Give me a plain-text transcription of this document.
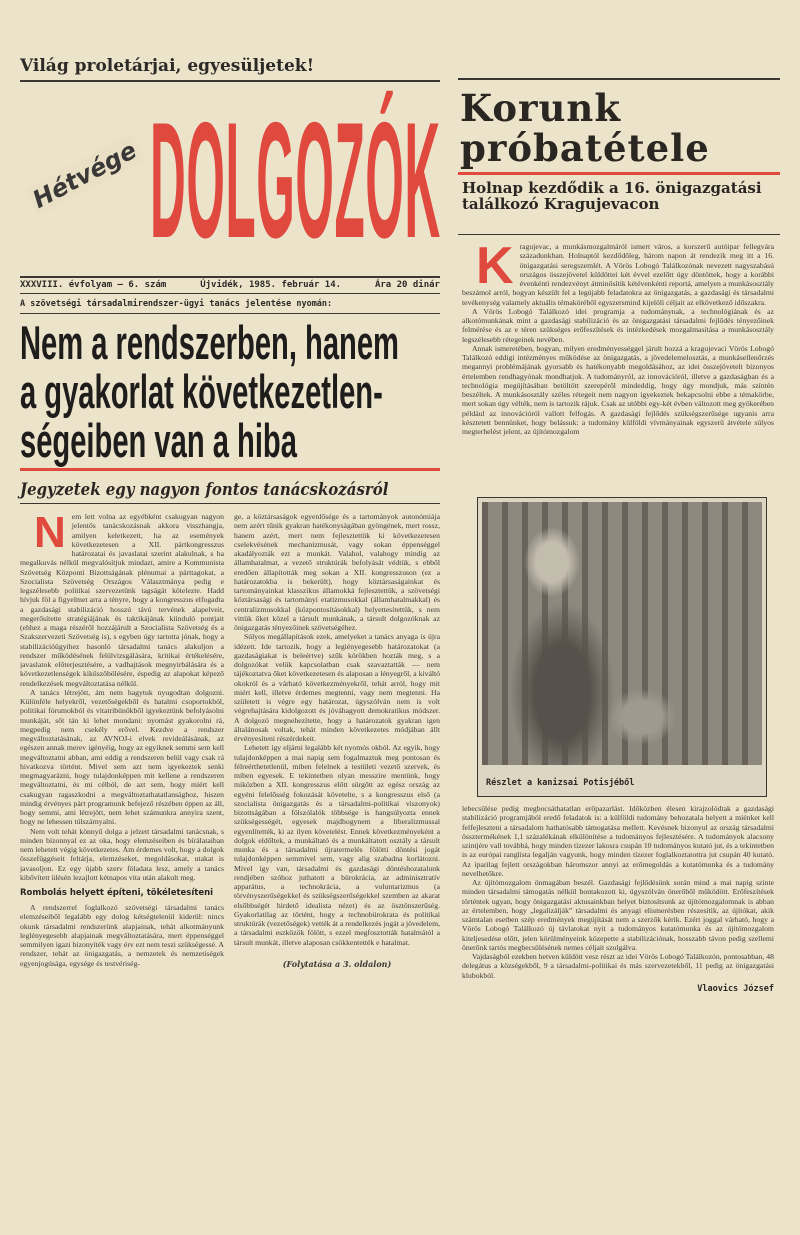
Világ proletárjai, egyesüljetek!
Hétvége DOLGOZÓK
XXXVIII. évfolyam — 6. szám	Újvidék, 1985. február 14.	Ára 20 dinár
A szövetségi társadalmirendszer-ügyi tanács jelentése nyomán:
Nem a rendszerben, hanem
a gyakorlat következetlen-
ségeiben van a hiba
Jegyzetek egy nagyon fontos tanácskozásról
N em lett volna az egyébként csakugyan nagyon jelentős tanácskozásnak akkora visszhangja, amilyen keletkezett, ha az események következetesen a XII. pártkongresszus határozatai és javaslatai szerint alakulnak, s ha megalkuvás nélkül megvalósítjuk mindazt, amire a Kommunista Szövetség Központi Bizottságának plénumai a párttagokat, a Szocialista Szövetség Országos Választmánya pedig e legszélesebb politikai szervezetünk tagságát kötelezte. Hadd hívjuk föl a figyelmet arra a tényre, hogy a kongresszus elfogadta a gazdasági stabilizáció hosszú távú tervének alapelveit, megerősítette stratégiájának és taktikájának kiinduló pontjait (ehhez a maga részéről hozzájárult a Szocialista Szövetség és a Szakszervezeti Szövetség is), s egyben úgy tartotta jónak, hogy a stabilizációügyihez hasonló társadalmi tanács alakuljon a rendszer működésének felülvizsgálására, kritikai értékelésére, javaslatok előterjesztésére, a vadhajtások megnyirbálására és a következetlenségek kiküszöbölésére, éspedig az alapokat képező rendelkezések megváltoztatása nélkül.

A tanács létrejött, ám nem hagytuk nyugodtan dolgozni. Különféle helyekről, vezetőségekből és hatalmi csoportokból, politikai fórumokból és vitatribünökből igyekeztünk befolyásolni munkáját, sőt tán ki lehet mondani: nyomást gyakorolni rá, megpedig nem csekély erővel. Kezdve a rendszer megváltoztatásának, az AVNOJ-i elvek revideálásának, az egészen annak merev igényéig, hogy az egyiknek semmi sem kell megváltoztatni abban, ami eddig a rendszeren belül vagy csak rá hivatkozva történt. Mivel sem azt nem igyekeztek senki megmagyarázni, hogy tulajdonképpen mit kellene a rendszeren megváltoztatni, és mi célból, de azt sem, hogy miért kell csakugyan ragaszkodni a megváltoztathatatlansághoz, hiszen mindig érvényes párt programunk befejező részében éppen az áll, hogy semmi, ami létrejött, nem lehet számunkra annyira szent, hogy ne lehessen túlszárnyalni.

Nem volt tehát könnyű dolga a jelzett társadalmi tanácsnak, s minden bizonnyal ez az oka, hogy elemzéseiben és bírálataiban nem lehetett végig következetes. Ám érdemes volt, hogy a dolgok összefüggéseit feltárja, elemzéseket, megoldásokat, utakat is javasoljon. Ez egy újabb szerv föladata lesz, amely a tanács kibővített ülésén lezajlott kétnapos vita után alakult meg.

Rombolás helyett építeni, tökéletesíteni

A rendszerrel foglalkozó szövetségi társadalmi tanács elemzéseiből legalább egy dolog kétségtelenül kiderül: nincs okunk társadalmi rendszerünk alapjainak, tehát alkotmányunk leglényegesebb alapjainak megváltoztatására, mert éppenséggel semmilyen igazi bizonyíték vagy érv ezt nem teszi szükségessé. A rendszer, tehát az önigazgatás, a nemzetek és nemzetiségek egyenjogúsága, egysége és testvériség-

ge, a köztársaságok egyenlősége és a tartományok autonómiája nem azért tűnik gyakran hatékonyságában gyöngének, mert rossz, hanem azért, mert nem fejlesztettük ki következetesen cselekvésének mechanizmusát, vagy sokan éppenséggel akadályozták ezt a munkát. Valahol, valahogy mindig az államhatalmat, a vezető struktúrák befolyását védtük, s ebből eredően állapították meg sokan a XII. kongresszuson (ez a határozatokba is bekerült), hogy köztársaságainkat és tartományainkat klasszikus államokká fejlesztettük, a szövetségi köztársasági és tartományi etatizmusokkal (államhatalmakkal) és centralizmusokkal (központosításokkal) helyettesítettük, s nem vittük őket közel a társult munkának, a társult dolgozóknak az önigazgatás tényezőinek szövetségéhez.

Súlyos megállapítások ezek, amelyeket a tanács anyaga is újra idézett. Ide tartozik, hogy a legiényegesebb határozatokat (a gazdaságiakat is beleértve) szűk körökben hozták meg, s a dolgozókat velük kapcsolatban csak szavaztatták — nem tájékoztatva őket következetesen és alaposan a lényegről, a kiváltó okokról és a várható következményekről, tehát arról, hogy mit miért kell, illetve érdemes megtenni, vagy nem megtenni. Ha született is végre egy határozat, úgyszólván nem is volt végrehajtására kidolgozott és jóváhagyott demokratikus módszer. A dolgozó megnehezítette, hogy a határozatok gyakran igen általánosak voltak, tehát minden következetes módjában állt érvényesíteni részérdekeit.

Lehetett így eljárni legalább két nyomós okból. Az egyik, hogy tulajdonképpen a mai napig sem fogalmaztuk meg pontosan és félreérthetetlenül, miben felelnek a testületi vezető szervek, és miben egyesek. E tekintetben olyan messzire mentünk, hogy miközben a XII. kongresszus előtt sürgőtt az egész ország az egyéni felelősség fokozását követelte, s a kongresszus első (a szocialista önigazgatás és a társadalmi-politikai viszonyok) bizottságában a fölszólalók többsége is hangsúlyozta ennek szükségességét, egyesek majdhogynem a liberalizmussal egyenlítették, ki az ilyen követelést. Ennek következményeként a dolgok eldőltek, a munkáltató és a munkáltatott osztály a társult munka és a társadalmi újratermelés fölötti döntési jogát tulajdonképpen semmivel sem, vagy alig szabadna korlátozni. Mivel így van, társadalmi és gazdasági döntéshozatalunk rendjében szóhoz juthatott a bürokrácia, az adminisztratív apparátus, a technokrácia, a voluntarizmus (a törvényszerűségekkel és szükségszerűségekkel szemben az akarat elsőbbségét hirdető idealista nézet) és az ösztönszerűség. Gyakorlatilag az történt, hogy a technobürokrata és politikai struktúrák (vezetőségek) vették át a rendelkezés jogát a jövedelem, a társadalmi eszközök fölött, s ezzel megfosztották hatalmától a társult munkát, illetve alaposan csökkentették e hatalmat.

(Folytatása a 3. oldalon)
Korunk
próbatétele
Holnap kezdődik a 16. önigazgatási találkozó Kragujevacon
K ragujevac, a munkásmozgalmáról ismert város, a korszerű autóipar fellegvára századunkban. Holnaptól kezdődőleg, három napon át rendezik meg itt a 16. önigazgatási seregszemlét. A Vörös Lobogó Találkozónak nevezett nagyszabású országos összejövetel küldöttei két évvel ezelőtt úgy döntöttek, hogy a korábbi évenkénti rendezvényt átminősítik kétévenkénti reportá, amelyen a munkásosztály beszámol arról, hogyan készült fel a legújabb feladatokra az önigazgatás, a gazdasági és társadalmi tevékenység valamely aktuális témaköréből egyszersmind kijelöli céljait az elkövetkező időszakra.

A Vörös Lobogó Találkozó idei programja a tudománynak, a technológiának és az alkotómunkának mint a gazdasági stabilizáció és az önigazgatási társadalmi fejlődés tényezőinek felmérése és az e téren szükséges erőfeszítések és intézkedések mozgalmasítása a munkásosztály legszélesebb rétegeinek nevében.

Annak ismeretében, hogyan, milyen eredményességgel járult hozzá a kragujevaci Vörös Lobogó Találkozó eddigi intézményes működése az önigazgatás, a jövedelemelosztás, a munkásellenőrzés megannyi problémájának gyorsabb és hatékonyabb megoldásához, az idei összejövetelt bizonyos értelemben rendhagyónak mondhatjuk. A tudományról, az innovációról, illetve a gazdaságban és a technológia megújításában betöltött szerepéről mindeddig, hogy úgy mondjuk, más színtén beszéltek. A munkásosztály széles rétegeit nem nagyon igyekeztek bekapcsolni ebbe a témakörbe, mert sokan úgy vélték, nem is tartozik rájuk. Csak az utóbbi egy-két évben változott meg gyökerében például az innovációról vallott felfogás. A gazdasági fejlődés szükségszerűsége ugyanis arra késztetett bennünket, hogy belássuk: a tudomány külföldi vívmányainak egyszerű átvétele súlyos megterhelést jelent, az újítómozgalom

Részlet a kanizsai Potisjéből

lebecsülése pedig megbocsáthatatlan erőpazarlást. Időközben élesen kirajzolódtak a gazdasági stabilizáció programjából eredő feladatok is: a külföldi tudomány behozatala helyett a miénket kell felfejleszteni a társadalom hathatósabb támogatása mellett. Kevésnek bizonyul az ország társadalmi össztermékének 1,1 százalékának elkülönítése a tudományos fejlesztésére. A tudományok alacsony szintjére vall továbbá, hogy minden tízezer lakosra csupán 10 tudományos kutató jut, és a tekintetben is az európai ranglista legalján vagyunk, hogy minden tízezer foglalkoztatottra jut csupán 40 kutató. Az iparilag fejlett országokban háromszor annyi az erőmegoldás a kutatómunka és a tudomány nevelhetőkre.

Az újítómozgalom önmagában beszél. Gazdasági fejlődésünk során mind a mai napig szinte minden társadalmi támogatás nélkül bontakozott ki, úgyszólván önerőből működött. Erőfeszítések történtek ugyan, hogy önigazgatási aktusainkban helyet biztosítsunk az újítómozgalomnak is abban az értelemben, hogy „legalizálják” társadalmi és anyagi elismerésben részesítik, az újítókat, akik számtalan esetben szép eredmények megújítását nem a szerzők kérik. Ezért joggal várható, hogy a Vörös Lobogó Találkozó új távlatokat nyit a tudományos kutatómunka és az újítómozgalom kiteljesedése előtt, jelen körülményeink közepette a stabilizációnak, hosszabb távon pedig szellemi önerőnk tartós megbecsülésének nemes céljait szolgálva.

Vajdaságból ezekben hetven küldött vesz részt az idei Vörös Lobogó Találkozón, pontosabban, 48 delegátus a községekből, 9 a társadalmi-politikai és más szervezetekből, 11 pedig az önigazgatási klubokból.

Vlaovics József
